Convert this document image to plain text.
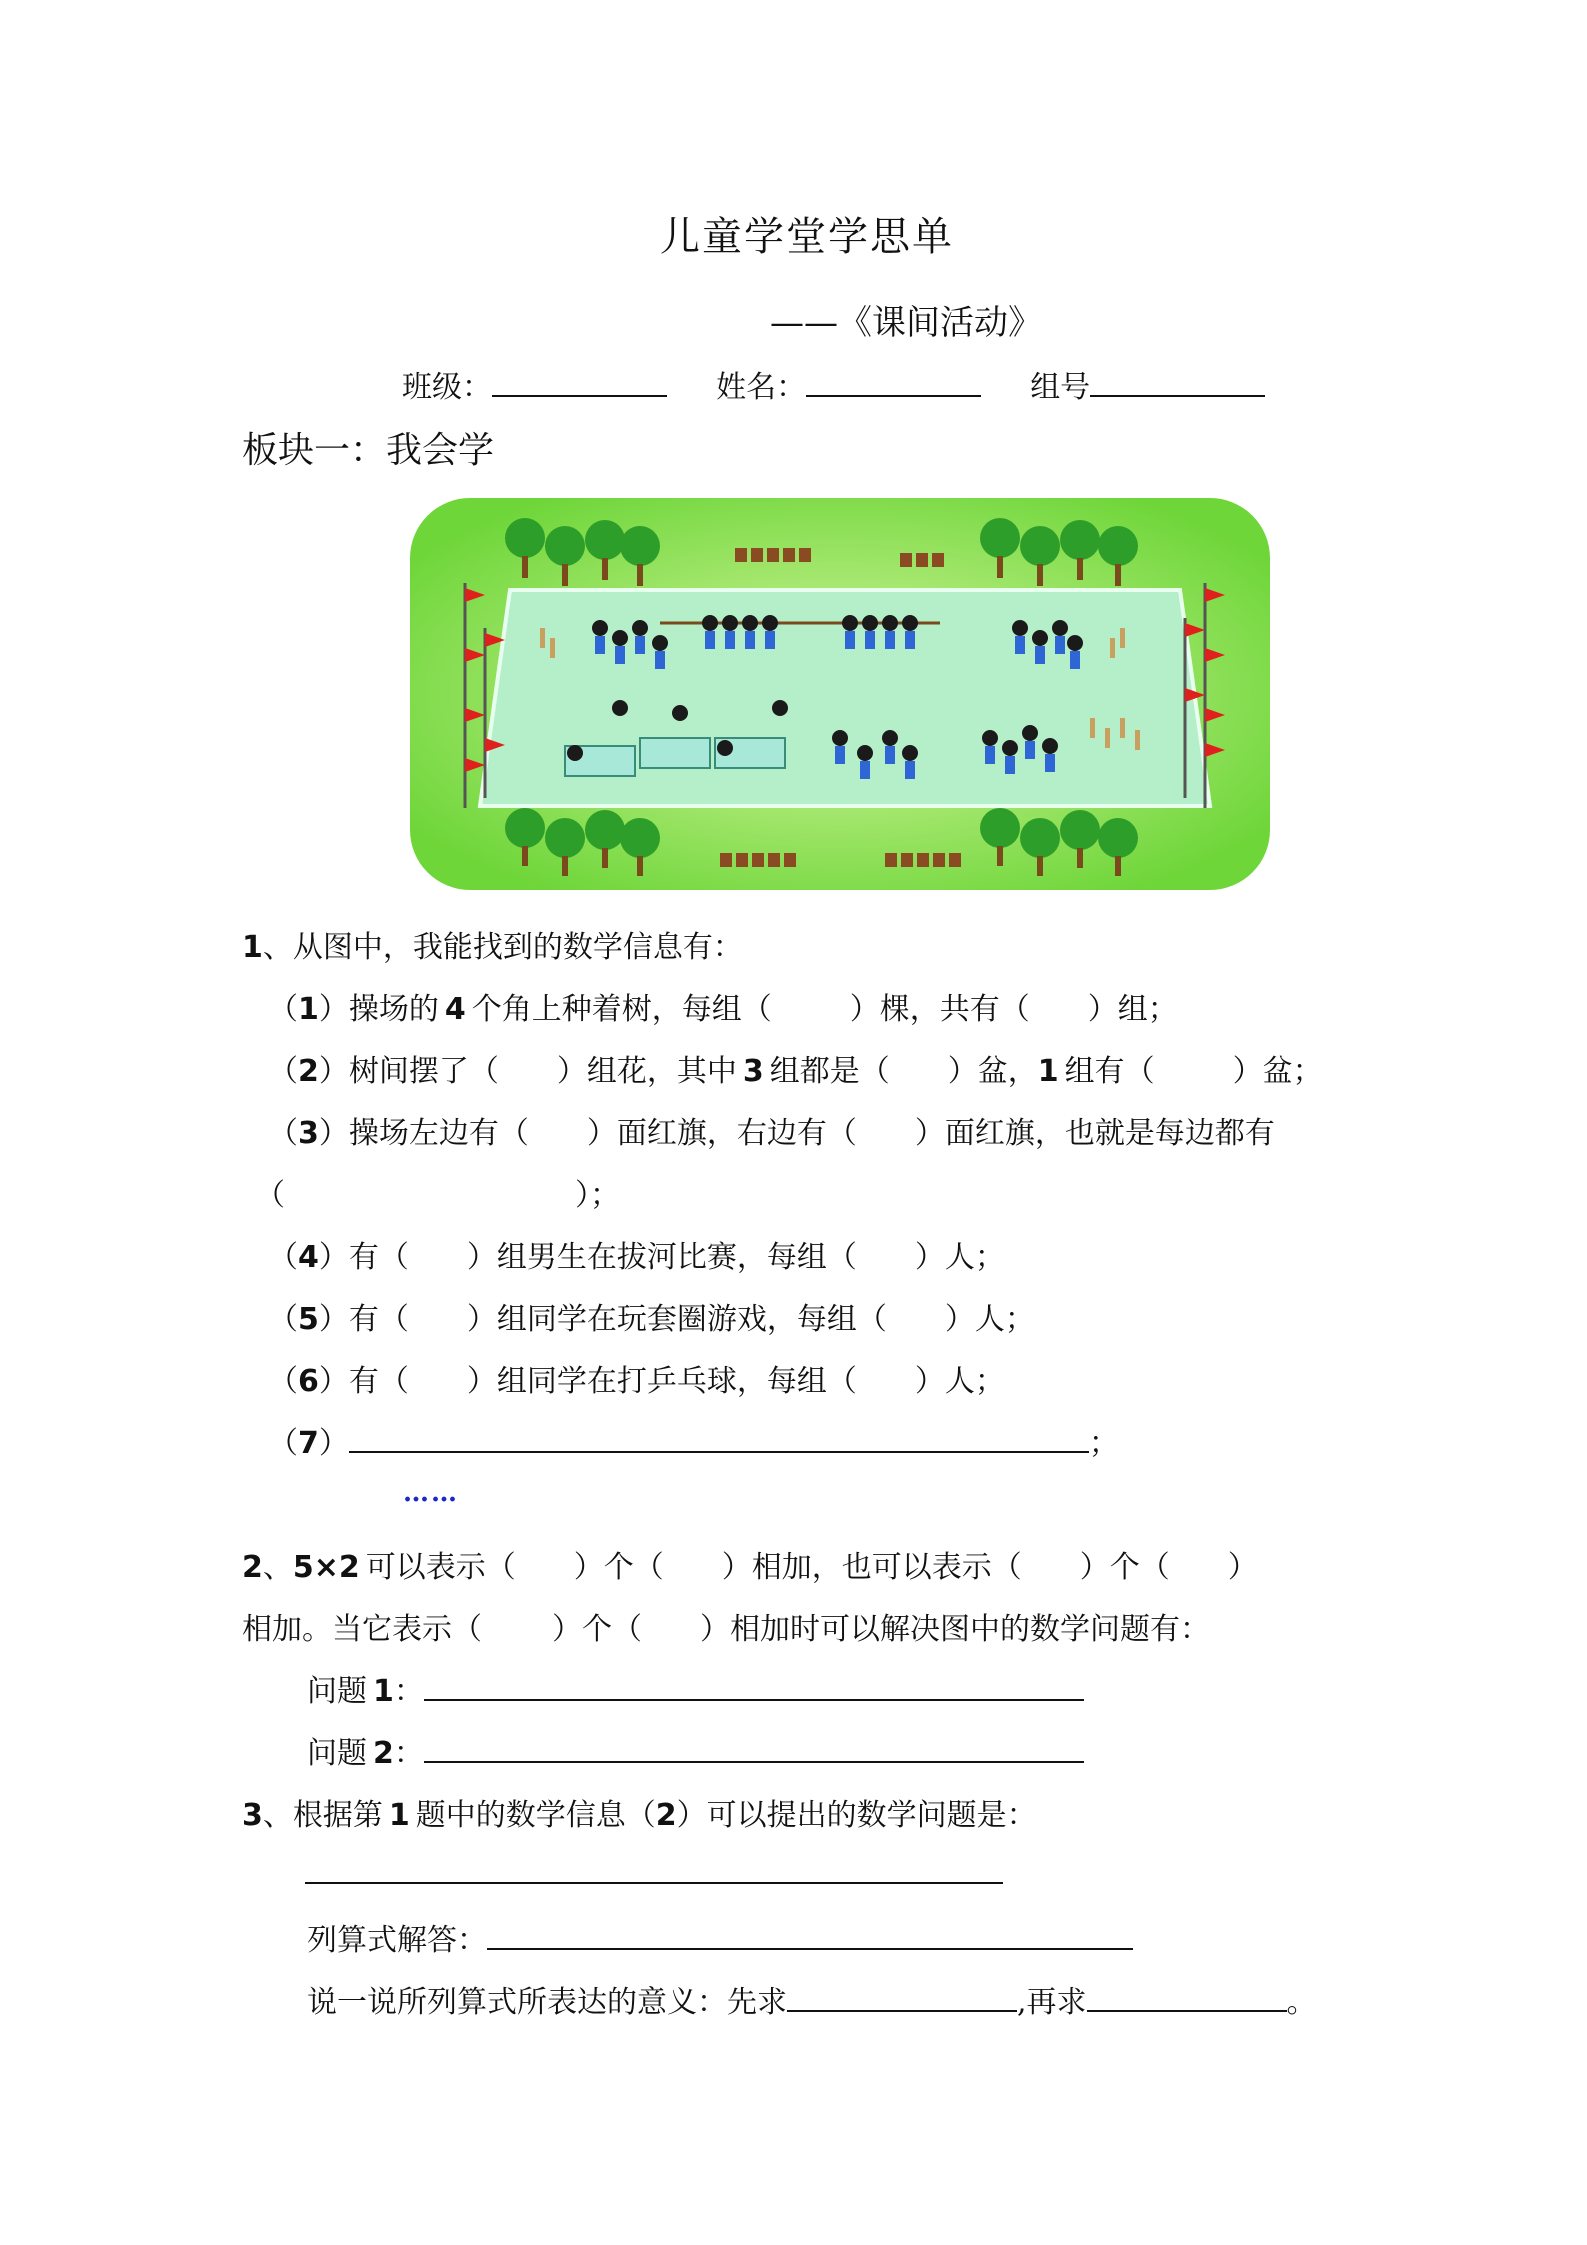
儿童学堂学思单
——《课间活动》
班级：	姓名：	组号
板块一：我会学
1、从图中，我能找到的数学信息有：
（1）操场的 4 个角上种着树，每组（	）棵，共有（ ）组；
（2）树间摆了（ ）组花，其中 3 组都是（ ）盆，1 组有（	）盆；
（3）操场左边有（ ）面红旗，右边有（ ）面红旗，也就是每边都有
（	）；
（4）有（ ）组男生在拔河比赛，每组（ ）人；
（5）有（ ）组同学在玩套圈游戏，每组（ ）人；
（6）有（ ）组同学在打乒乓球，每组（ ）人；
（7）	；
……
2、5×2 可以表示（ ）个（ ）相加，也可以表示（ ）个（ ）
相加。当它表示（ ）个（ ）相加时可以解决图中的数学问题有：
问题 1：
问题 2：
3、根据第 1 题中的数学信息（2）可以提出的数学问题是：
列算式解答：
说一说所列算式所表达的意义：先求	,再求	。
